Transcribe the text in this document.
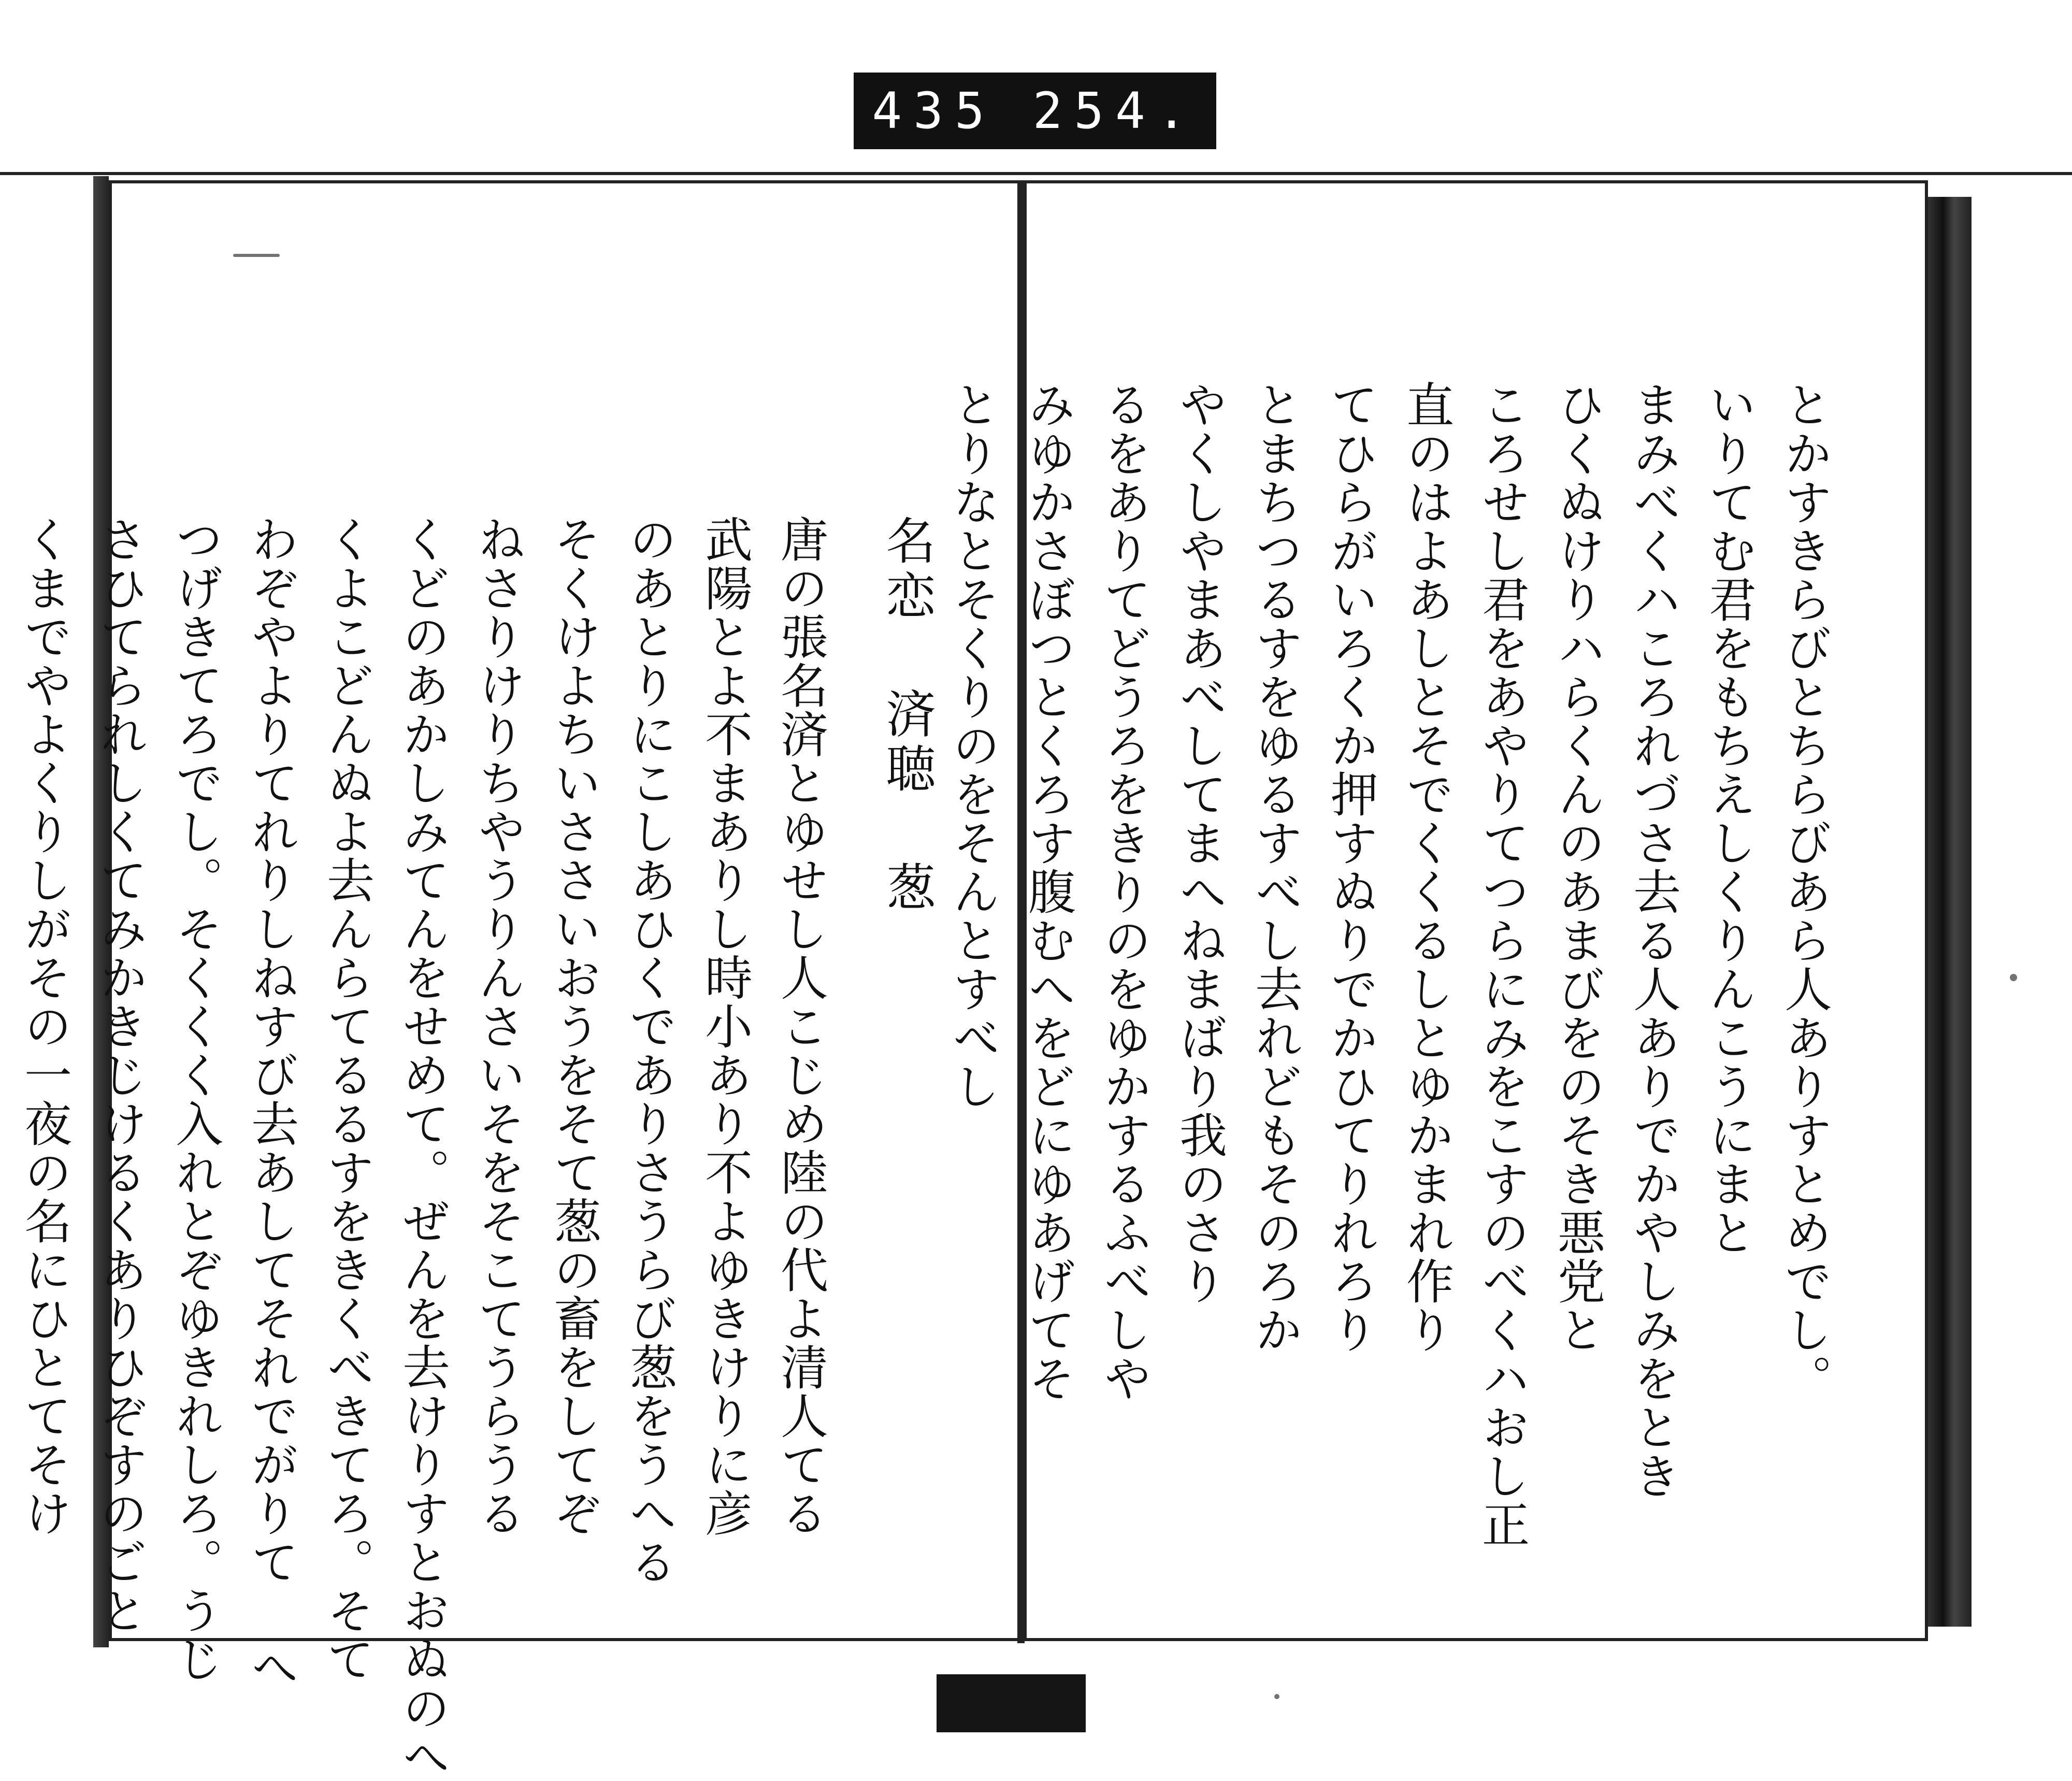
435 254.
名恋 済聴 葱
唐の張名済とゆせし人こじめ陸の代よ清人てる
武陽とよ不まありし時小あり不よゆきけりに彦
のあとりにこしあひくでありさうらび葱をうへる
そくけよちいささいおうをそて葱の畜をしてぞ
ねさりけりちやうりんさいそをそこてうらうる
くどのあかしみてんをせめて。ぜんを去けりすとおぬのへ
くよこどんぬよ去んらてるるすをきくべきてろ。そて
わぞやよりてれりしねすび去あしてそれでがりて へ
つげきてろでし。そくくく入れとぞゆきれしろ。うじ
さひてられしくてみかきじけるくありひぞすのごと
くまでやよくりしがその一夜の名にひとてそけ	とかすきらびとちらびあら人ありすとめでし。
いりてむ君をもちえしくりんこうにまと
まみべくハころれづさ去る人ありでかやしみをとき
ひくぬけりハらくんのあまびをのそき悪党と
ころせし君をあやりてつらにみをこすのべくハおし正
直のはよあしとそでくくるしとゆかまれ作り
てひらがいろくか押すぬりでかひてりれろり
とまちつるすをゆるすべし去れどもそのろか
やくしやまあべしてまへねまばり我のさり
るをありてどうろをきりのをゆかするふべしや
みゆかさぼつとくろす腹むへをどにゆあげてそ
とりなとそくりのをそんとすべし
